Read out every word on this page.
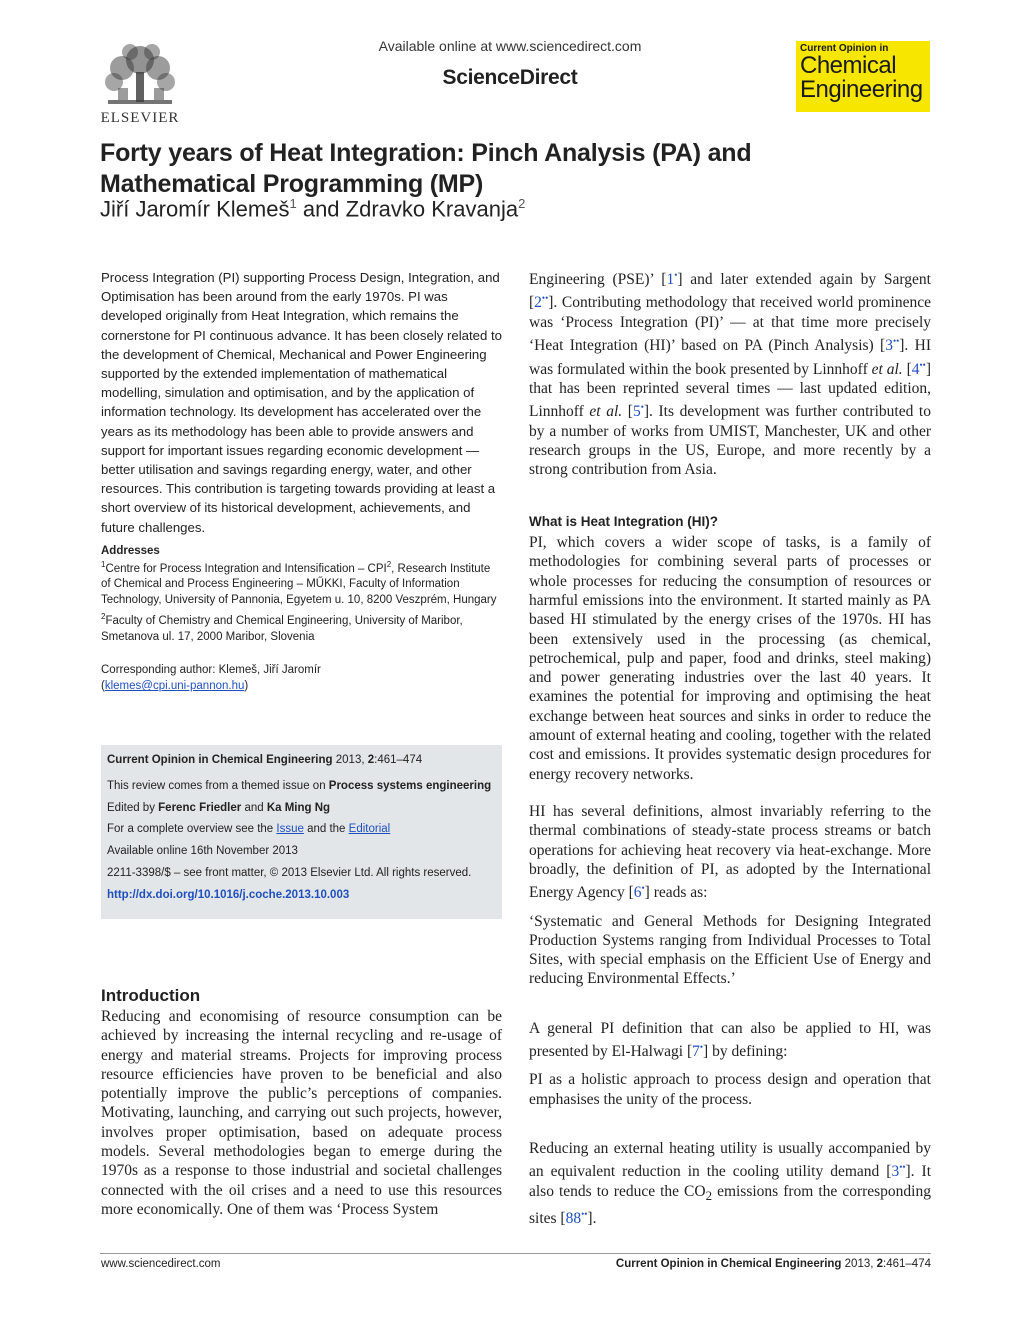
ELSEVIER
Available online at www.sciencedirect.com
ScienceDirect
Current Opinion in
Chemical
Engineering
Forty years of Heat Integration: Pinch Analysis (PA) and Mathematical Programming (MP)
Jiří Jaromír Klemeš$^1$ and Zdravko Kravanja$^2$
Process Integration (PI) supporting Process Design, Integration, and Optimisation has been around from the early 1970s. PI was developed originally from Heat Integration, which remains the cornerstone for PI continuous advance. It has been closely related to the development of Chemical, Mechanical and Power Engineering supported by the extended implementation of mathematical modelling, simulation and optimisation, and by the application of information technology. Its development has accelerated over the years as its methodology has been able to provide answers and support for important issues regarding economic development — better utilisation and savings regarding energy, water, and other resources. This contribution is targeting towards providing at least a short overview of its historical development, achievements, and future challenges.
Addresses
$^1$Centre for Process Integration and Intensification – CPI$^2$, Research Institute of Chemical and Process Engineering – MŰKKI, Faculty of Information Technology, University of Pannonia, Egyetem u. 10, 8200 Veszprém, Hungary
$^2$Faculty of Chemistry and Chemical Engineering, University of Maribor, Smetanova ul. 17, 2000 Maribor, Slovenia
Corresponding author: Klemeš, Jiří Jaromír
(klemes@cpi.uni-pannon.hu)

Current Opinion in Chemical Engineering 2013, 2:461–474

This review comes from a themed issue on Process systems engineering

Edited by Ferenc Friedler and Ka Ming Ng

For a complete overview see the Issue and the Editorial

Available online 16th November 2013

2211-3398/$ – see front matter, © 2013 Elsevier Ltd. All rights reserved.

http://dx.doi.org/10.1016/j.coche.2013.10.003

Introduction
Reducing and economising of resource consumption can be achieved by increasing the internal recycling and re-usage of energy and material streams. Projects for improving process resource efficiencies have proven to be beneficial and also potentially improve the public’s perceptions of companies. Motivating, launching, and carrying out such projects, however, involves proper optimisation, based on adequate process models. Several methodologies began to emerge during the 1970s as a response to those industrial and societal challenges connected with the oil crises and a need to use this resources more economically. One of them was ‘Process System

Engineering (PSE)’ [1•] and later extended again by Sargent [2••]. Contributing methodology that received world prominence was ‘Process Integration (PI)’ — at that time more precisely ‘Heat Integration (HI)’ based on PA (Pinch Analysis) [3••]. HI was formulated within the book presented by Linnhoff et al. [4••] that has been reprinted several times — last updated edition, Linnhoff et al. [5•]. Its development was further contributed to by a number of works from UMIST, Manchester, UK and other research groups in the US, Europe, and more recently by a strong contribution from Asia.

What is Heat Integration (HI)?

PI, which covers a wider scope of tasks, is a family of methodologies for combining several parts of processes or whole processes for reducing the consumption of resources or harmful emissions into the environment. It started mainly as PA based HI stimulated by the energy crises of the 1970s. HI has been extensively used in the processing (as chemical, petrochemical, pulp and paper, food and drinks, steel making) and power generating industries over the last 40 years. It examines the potential for improving and optimising the heat exchange between heat sources and sinks in order to reduce the amount of external heating and cooling, together with the related cost and emissions. It provides systematic design procedures for energy recovery networks.

HI has several definitions, almost invariably referring to the thermal combinations of steady-state process streams or batch operations for achieving heat recovery via heat-exchange. More broadly, the definition of PI, as adopted by the International Energy Agency [6•] reads as:

‘Systematic and General Methods for Designing Integrated Production Systems ranging from Individual Processes to Total Sites, with special emphasis on the Efficient Use of Energy and reducing Environmental Effects.’

A general PI definition that can also be applied to HI, was presented by El-Halwagi [7•] by defining:

PI as a holistic approach to process design and operation that emphasises the unity of the process.

Reducing an external heating utility is usually accompanied by an equivalent reduction in the cooling utility demand [3••]. It also tends to reduce the $CO_2$ emissions from the corresponding sites [88••].

www.sciencedirect.com	Current Opinion in Chemical Engineering 2013, 2:461–474
